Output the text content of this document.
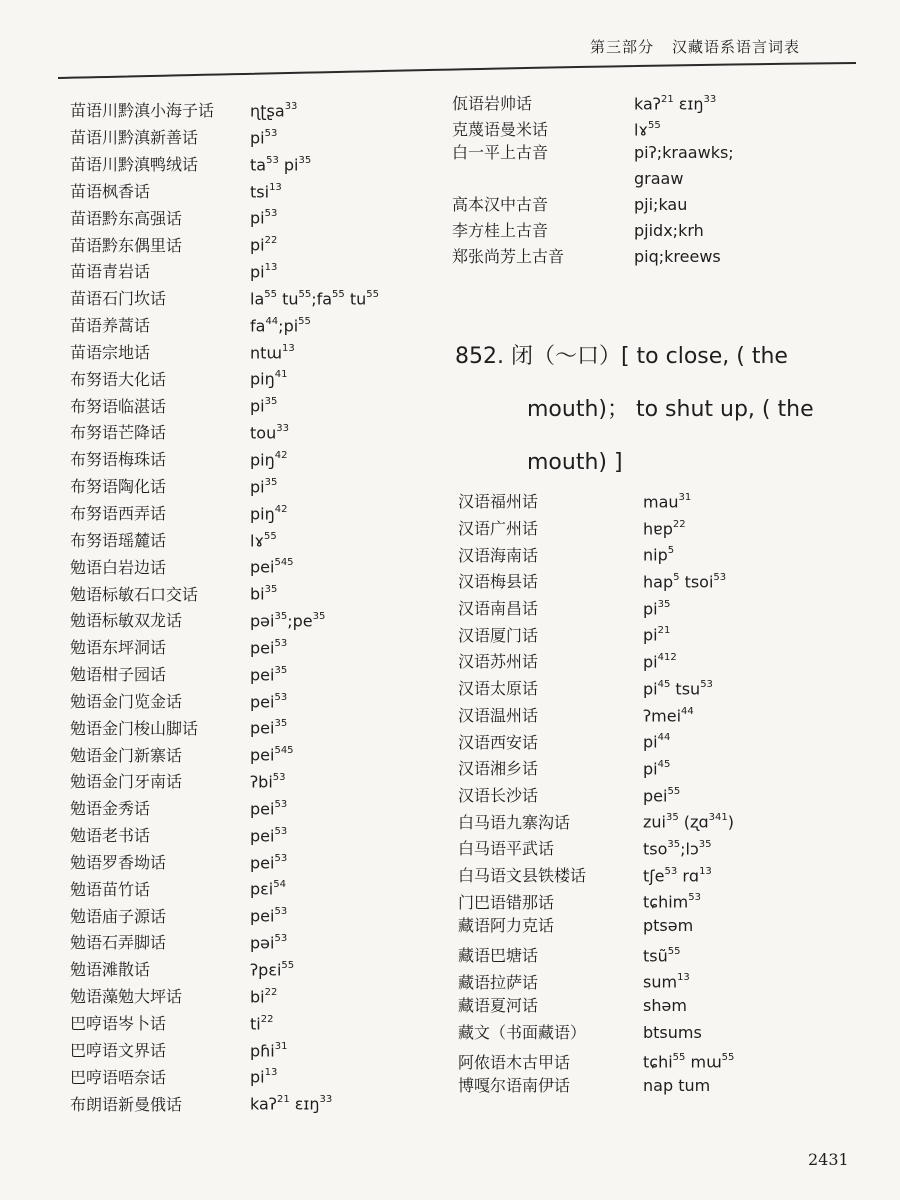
第三部分 汉藏语系语言词表
苗语川黔滇小海子话	ɳʈʂa$^{33}$
苗语川黔滇新善话	$pi^{53}$
苗语川黔滇鸭绒话	$ta^{53}$ $pi^{35}$
苗语枫香话	tsi$^{13}$
苗语黔东高强话	$pi^{53}$
苗语黔东偶里话	$pi^{22}$
苗语青岩话	$pi^{13}$
苗语石门坎话	$la^{55}$ $tu^{55};fa^{55}$ $tu^{55}$
苗语养蒿话	$fa^{44};pi^{55}$
苗语宗地话	ntɯ$^{13}$
布努语大化话	piŋ$^{41}$
布努语临湛话	$pi^{35}$
布努语芒降话	tou$^{33}$
布努语梅珠话	piŋ$^{42}$
布努语陶化话	$pi^{35}$
布努语西弄话	piŋ$^{42}$
布努语瑶麓话	lɤ$^{55}$
勉语白岩边话	pei$^{545}$
勉语标敏石口交话	$bi^{35}$
勉语标敏双龙话	$pəi^{35};pe^{35}$
勉语东坪洞话	pei$^{53}$
勉语柑子园话	pei$^{35}$
勉语金门览金话	pei$^{53}$
勉语金门梭山脚话	pei$^{35}$
勉语金门新寨话	pei$^{545}$
勉语金门牙南话	ʔbi$^{53}$
勉语金秀话	pei$^{53}$
勉语老书话	pei$^{53}$
勉语罗香坳话	pei$^{53}$
勉语苗竹话	pɛi$^{54}$
勉语庙子源话	pei$^{53}$
勉语石弄脚话	pəi$^{53}$
勉语滩散话	ʔpɛi$^{55}$
勉语藻勉大坪话	$bi^{22}$
巴哼语岑卜话	$ti^{22}$
巴哼语文界话	pɦi$^{31}$
巴哼语唔奈话	$pi^{13}$
布朗语新曼俄话	kaʔ$^{21}$ ɛɪŋ$^{33}$
佤语岩帅话	kaʔ$^{21}$ ɛɪŋ$^{33}$
克蔑语曼米话	lɤ$^{55}$
白一平上古音	piʔ;kraawks;
graaw
高本汉中古音	pji;kau
李方桂上古音	pjidx;krh
郑张尚芳上古音	piq;kreews
852. 闭（～口）[ to close, ( the
mouth)； to shut up, ( the
mouth) ]
汉语福州话	mau$^{31}$
汉语广州话	hɐp$^{22}$
汉语海南话	nip$^5$
汉语梅县话	hap$^5$ tsoi$^{53}$
汉语南昌话	$pi^{35}$
汉语厦门话	$pi^{21}$
汉语苏州话	$pi^{412}$
汉语太原话	$pi^{45}$ tsu$^{53}$
汉语温州话	ʔmei$^{44}$
汉语西安话	$pi^{44}$
汉语湘乡话	$pi^{45}$
汉语长沙话	pei$^{55}$
白马语九寨沟话	zui$^{35}$ (ʐɑ$^{341}$)
白马语平武话	tso$^{35}$;lɔ$^{35}$
白马语文县铁楼话	tʃe$^{53}$ rɑ$^{13}$
门巴语错那话	tɕhim$^{53}$
藏语阿力克话	ptsəm
藏语巴塘话	tsũ$^{55}$
藏语拉萨话	sum$^{13}$
藏语夏河话	shəm
藏文（书面藏语）	btsums
阿侬语木古甲话	tɕhi$^{55}$ mɯ$^{55}$
博嘎尔语南伊话	nap tum
2431
